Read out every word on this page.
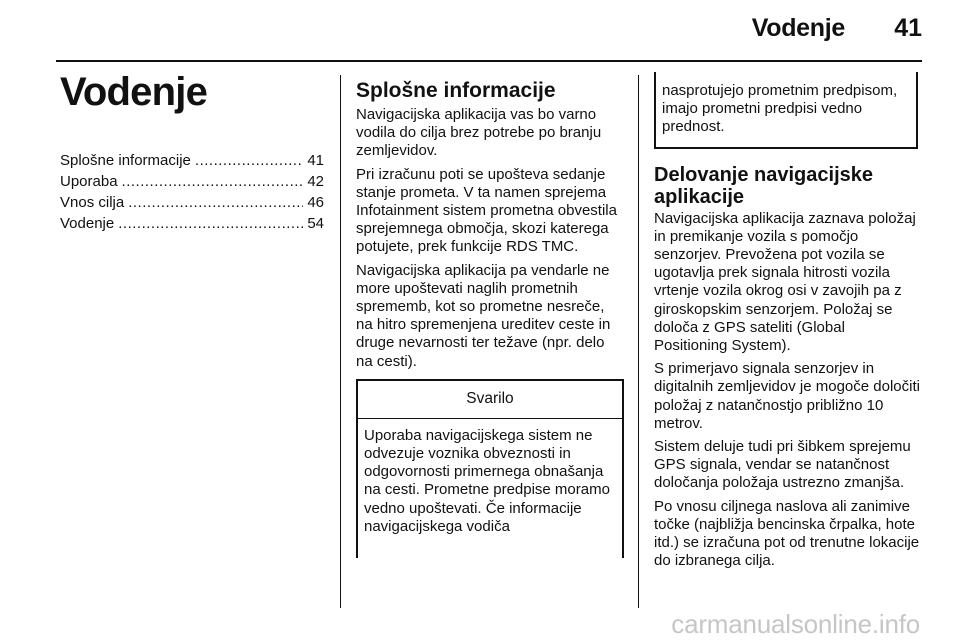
Vodenje 41
Vodenje
Splošne informacije .....	41
Uporaba .....	42
Vnos cilja .....	46
Vodenje .....	54
Splošne informacije

Navigacijska aplikacija vas bo varno vodila do cilja brez potrebe po branju zemljevidov.

Pri izračunu poti se upošteva sedanje stanje prometa. V ta namen sprejema Infotainment sistem prometna obvestila sprejemnega območja, skozi katerega potujete, prek funkcije RDS TMC.

Navigacijska aplikacija pa vendarle ne more upoštevati naglih prometnih sprememb, kot so prometne nesreče, na hitro spremenjena ureditev ceste in druge nevarnosti ter težave (npr. delo na cesti).

Svarilo
Uporaba navigacijskega sistem ne odvezuje voznika obveznosti in odgovornosti primernega obnašanja na cesti. Prometne predpise moramo vedno upoštevati. Če informacije navigacijskega vodiča
nasprotujejo prometnim predpisom, imajo prometni predpisi vedno prednost.
Delovanje navigacijske aplikacije

Navigacijska aplikacija zaznava položaj in premikanje vozila s pomočjo senzorjev. Prevožena pot vozila se ugotavlja prek signala hitrosti vozila vrtenje vozila okrog osi v zavojih pa z giroskopskim senzorjem. Položaj se določa z GPS sateliti (Global Positioning System).

S primerjavo signala senzorjev in digitalnih zemljevidov je mogoče določiti položaj z natančnostjo približno 10 metrov.

Sistem deluje tudi pri šibkem sprejemu GPS signala, vendar se natančnost določanja položaja ustrezno zmanjša.

Po vnosu ciljnega naslova ali zanimive točke (najbližja bencinska črpalka, hote itd.) se izračuna pot od trenutne lokacije do izbranega cilja.

carmanualsonline.info
